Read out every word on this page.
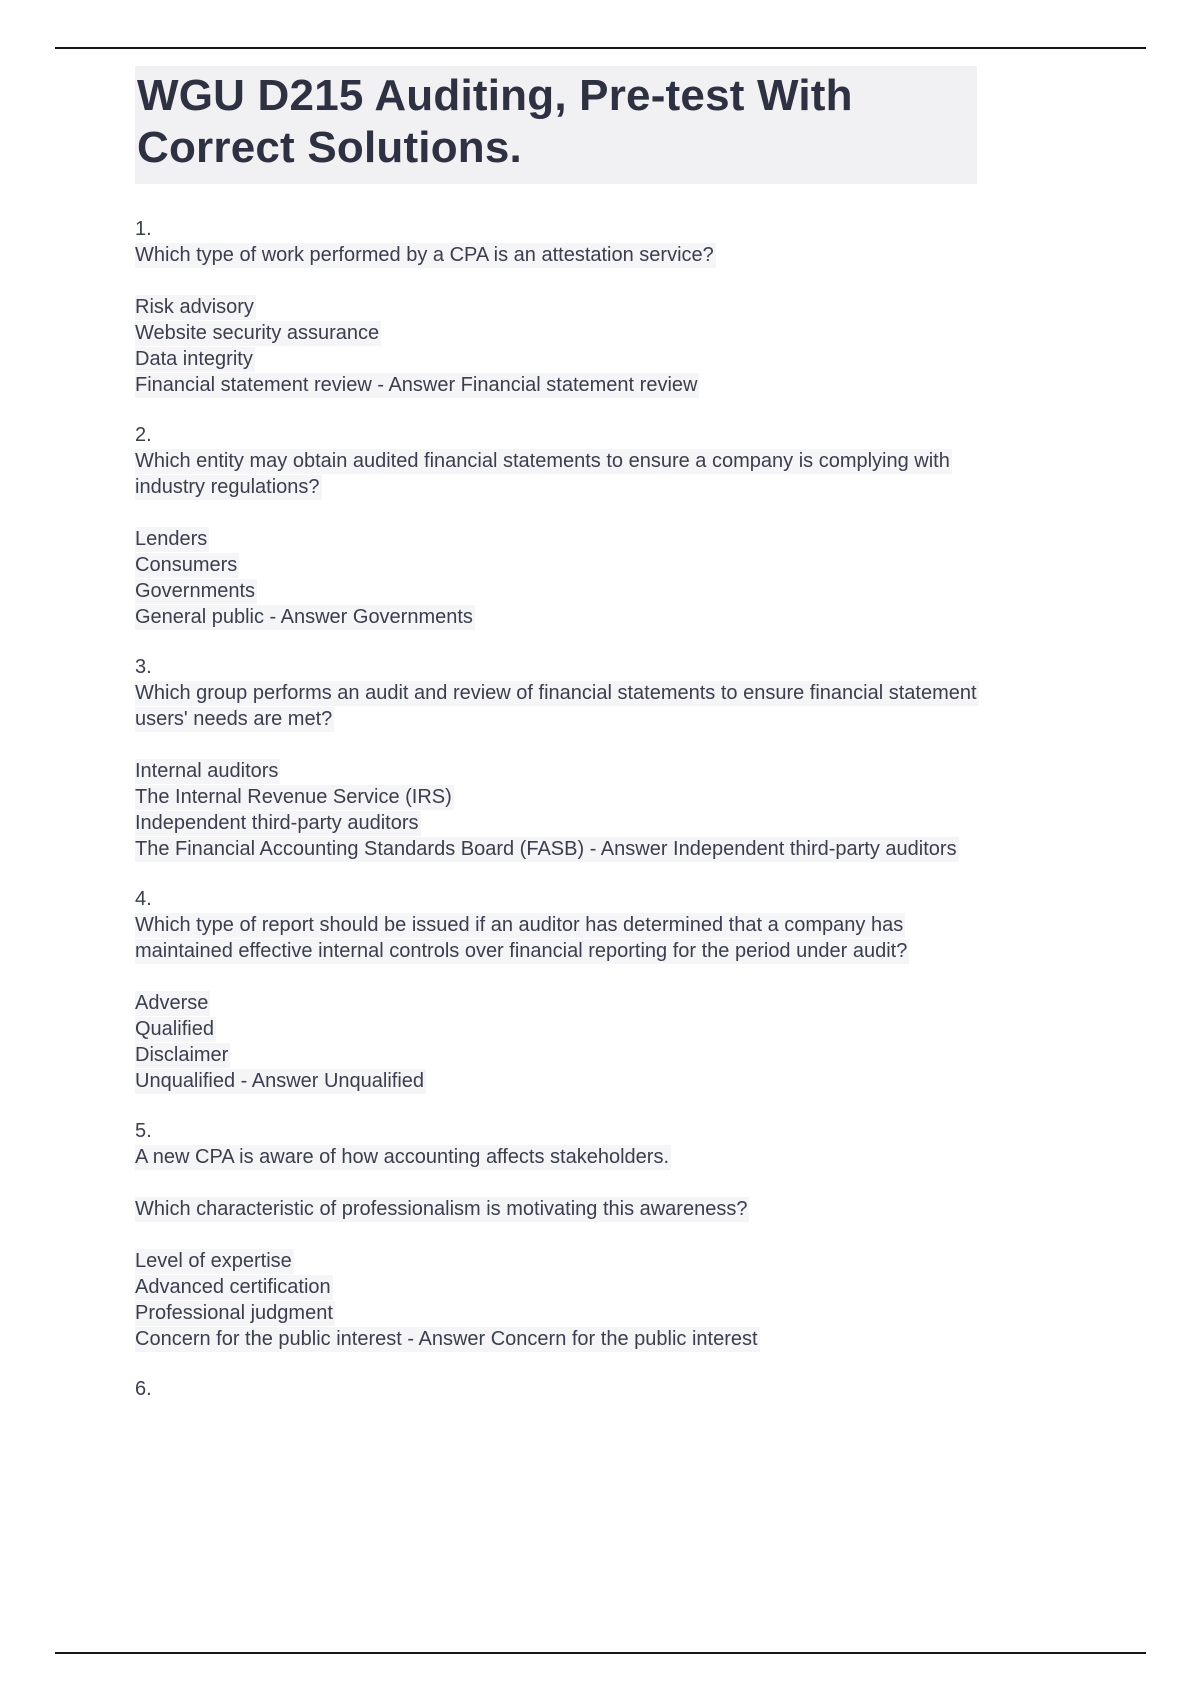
WGU D215 Auditing, Pre-test With Correct Solutions.
1.
Which type of work performed by a CPA is an attestation service?
Risk advisory
Website security assurance
Data integrity
Financial statement review - Answer Financial statement review
2.
Which entity may obtain audited financial statements to ensure a company is complying with industry regulations?
Lenders
Consumers
Governments
General public - Answer Governments
3.
Which group performs an audit and review of financial statements to ensure financial statement users' needs are met?
Internal auditors
The Internal Revenue Service (IRS)
Independent third-party auditors
The Financial Accounting Standards Board (FASB) - Answer Independent third-party auditors
4.
Which type of report should be issued if an auditor has determined that a company has maintained effective internal controls over financial reporting for the period under audit?
Adverse
Qualified
Disclaimer
Unqualified - Answer Unqualified
5.
A new CPA is aware of how accounting affects stakeholders.
Which characteristic of professionalism is motivating this awareness?
Level of expertise
Advanced certification
Professional judgment
Concern for the public interest - Answer Concern for the public interest
6.
